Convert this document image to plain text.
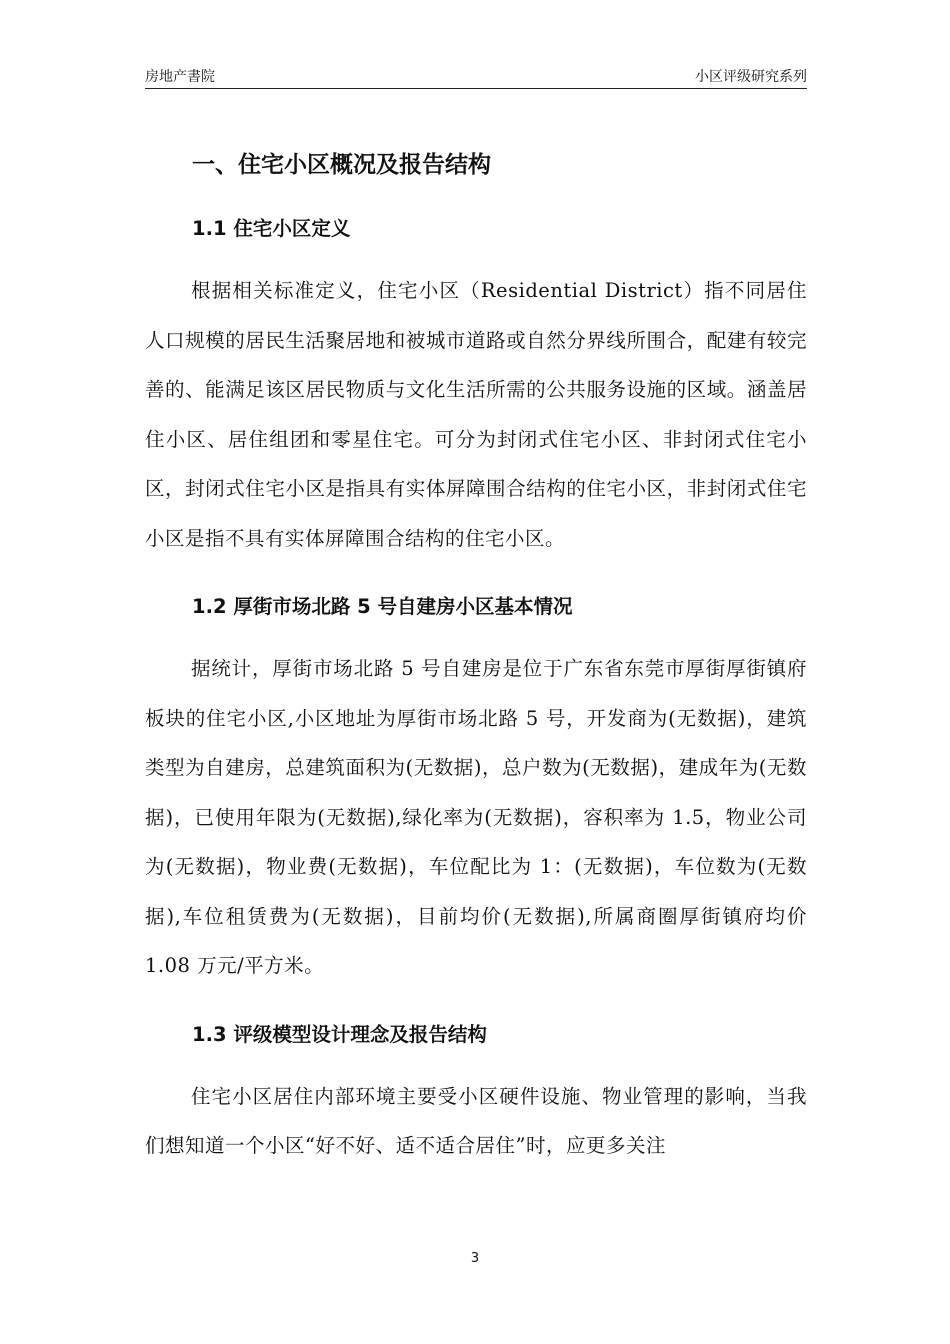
房地产書院	小区评级研究系列
一、住宅小区概况及报告结构
1.1 住宅小区定义

根据相关标准定义，住宅小区（Residential District）指不同居住人口规模的居民生活聚居地和被城市道路或自然分界线所围合，配建有较完善的、能满足该区居民物质与文化生活所需的公共服务设施的区域。涵盖居住小区、居住组团和零星住宅。可分为封闭式住宅小区、非封闭式住宅小区，封闭式住宅小区是指具有实体屏障围合结构的住宅小区，非封闭式住宅小区是指不具有实体屏障围合结构的住宅小区。

1.2 厚街市场北路 5 号自建房小区基本情况

据统计，厚街市场北路 5 号自建房是位于广东省东莞市厚街厚街镇府板块的住宅小区,小区地址为厚街市场北路 5 号，开发商为(无数据)，建筑类型为自建房，总建筑面积为(无数据)，总户数为(无数据)，建成年为(无数据)，已使用年限为(无数据),绿化率为(无数据)，容积率为 1.5，物业公司为(无数据)，物业费(无数据)，车位配比为 1：(无数据)，车位数为(无数据),车位租赁费为(无数据)，目前均价(无数据),所属商圈厚街镇府均价 1.08 万元/平方米。

1.3 评级模型设计理念及报告结构

住宅小区居住内部环境主要受小区硬件设施、物业管理的影响，当我们想知道一个小区“好不好、适不适合居住”时，应更多关注

3
